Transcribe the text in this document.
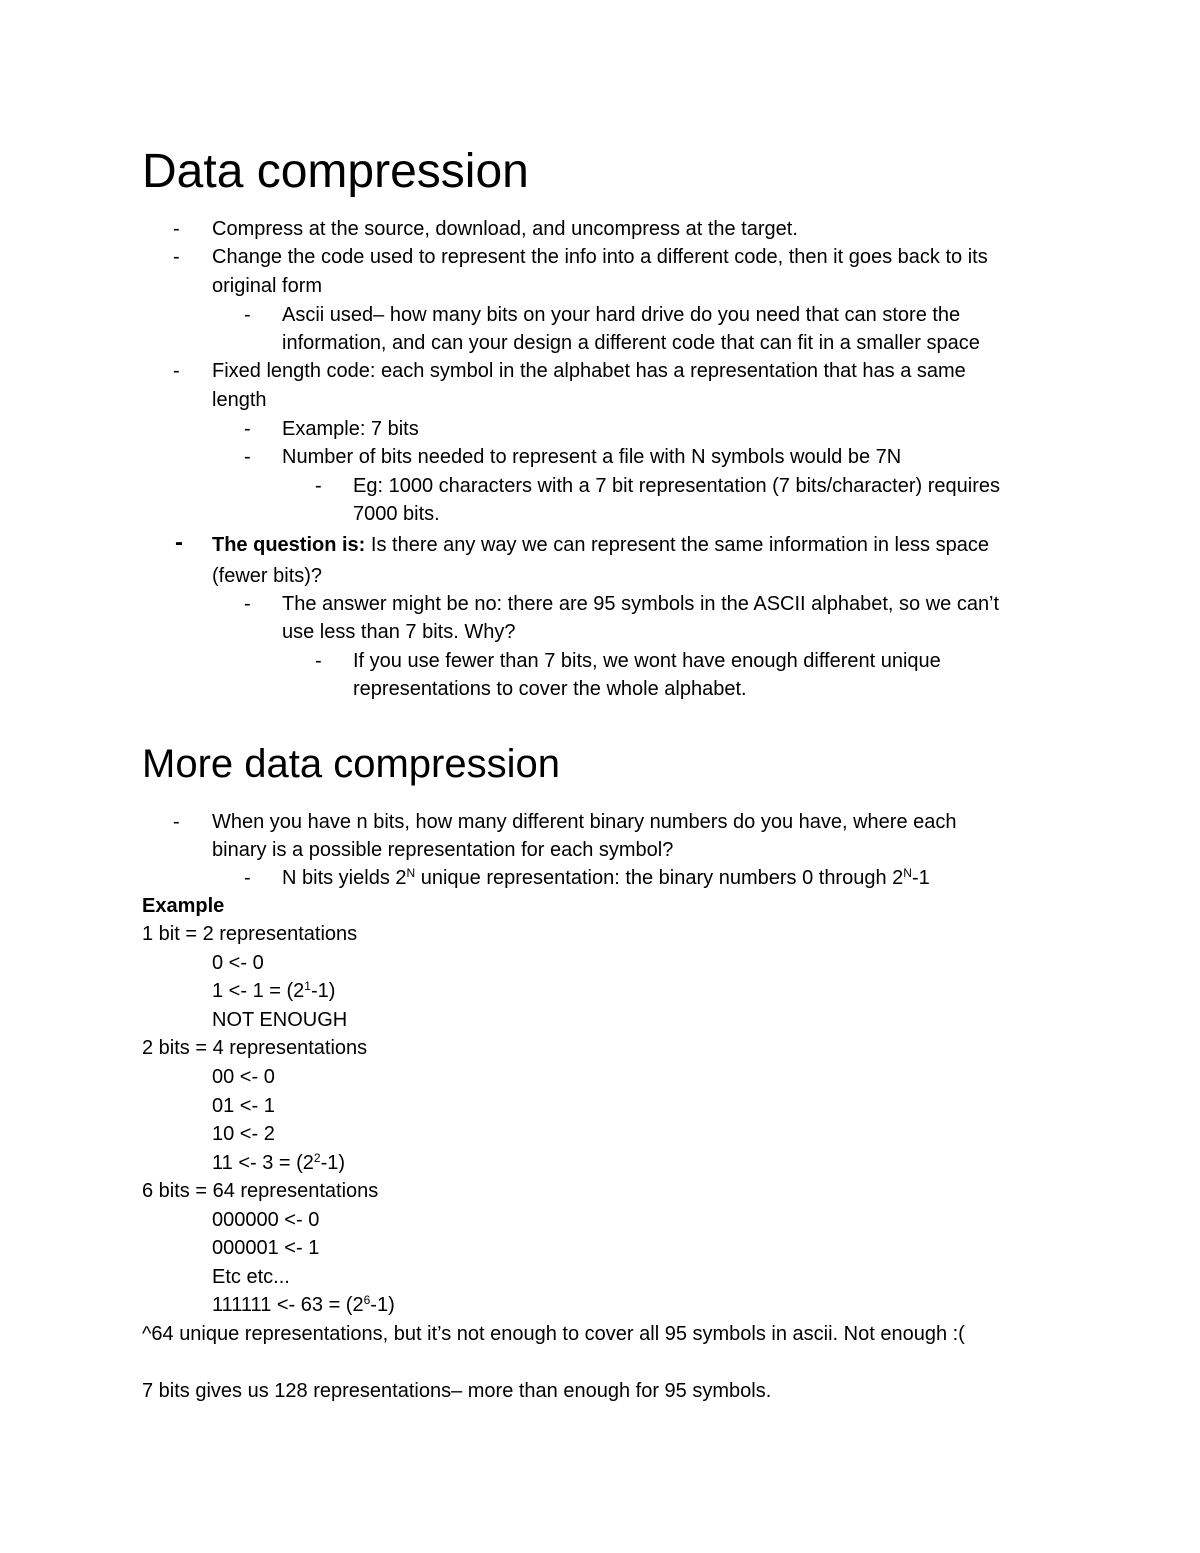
Data compression
- Compress at the source, download, and uncompress at the target.
- Change the code used to represent the info into a different code, then it goes back to its
original form
- Ascii used– how many bits on your hard drive do you need that can store the
information, and can your design a different code that can fit in a smaller space
- Fixed length code: each symbol in the alphabet has a representation that has a same
length
- Example: 7 bits
- Number of bits needed to represent a file with N symbols would be 7N
- Eg: 1000 characters with a 7 bit representation (7 bits/character) requires
7000 bits.
- The question is: Is there any way we can represent the same information in less space
(fewer bits)?
- The answer might be no: there are 95 symbols in the ASCII alphabet, so we can’t
use less than 7 bits. Why?
- If you use fewer than 7 bits, we wont have enough different unique
representations to cover the whole alphabet.
More data compression
- When you have n bits, how many different binary numbers do you have, where each
binary is a possible representation for each symbol?
- N bits yields $2^N$ unique representation: the binary numbers 0 through $2^N-1$
Example
1 bit = 2 representations
0 <- 0
$1 <- 1 = (2^1-1)$
NOT ENOUGH
2 bits = 4 representations
00 <- 0
01 <- 1
10 <- 2
$11 <- 3 = (2^2-1)$
6 bits = 64 representations
000000 <- 0
000001 <- 1
Etc etc...
$111111 <- 63 = (2^6-1)$
^64 unique representations, but it’s not enough to cover all 95 symbols in ascii. Not enough :(
7 bits gives us 128 representations– more than enough for 95 symbols.
